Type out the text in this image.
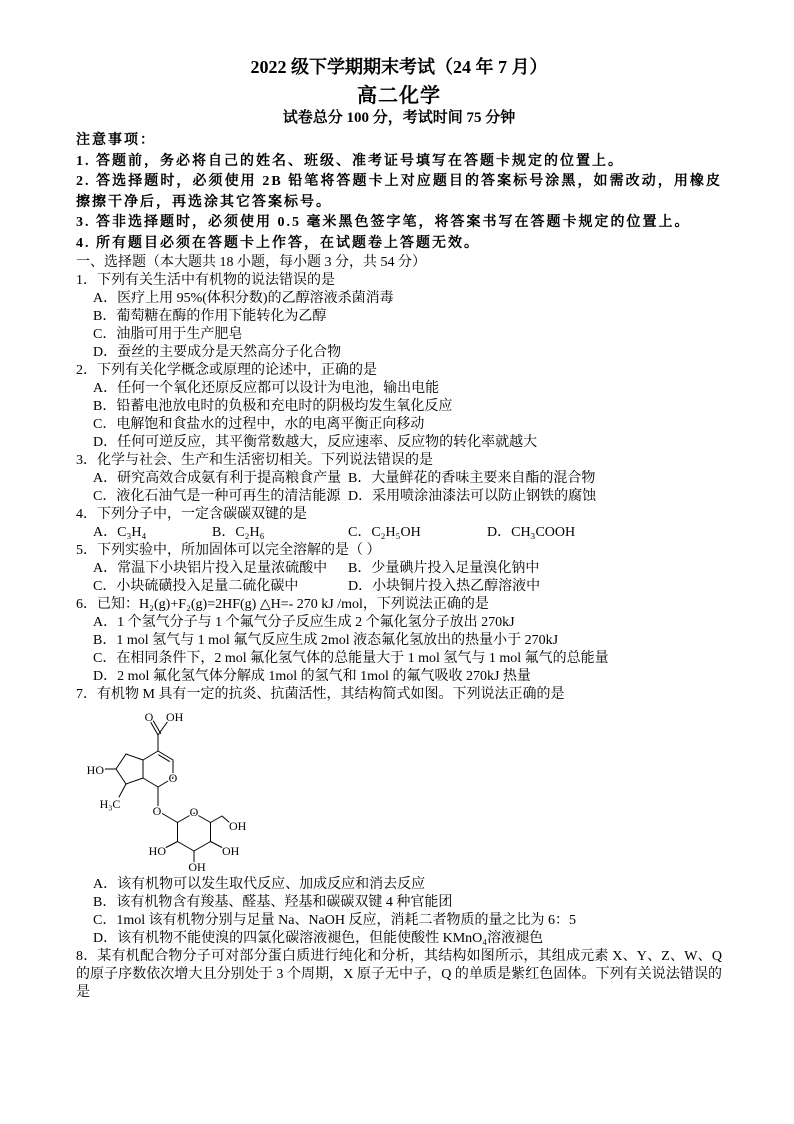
2022 级下学期期末考试（24 年 7 月）
高二化学
试卷总分 100 分，考试时间 75 分钟
注意事项：
1. 答题前，务必将自己的姓名、班级、准考证号填写在答题卡规定的位置上。
2. 答选择题时，必须使用 2B 铅笔将答题卡上对应题目的答案标号涂黑，如需改动，用橡皮擦擦干净后，再选涂其它答案标号。
3. 答非选择题时，必须使用 0.5 毫米黑色签字笔，将答案书写在答题卡规定的位置上。
4. 所有题目必须在答题卡上作答，在试题卷上答题无效。
一、选择题（本大题共 18 小题，每小题 3 分，共 54 分）
1．下列有关生活中有机物的说法错误的是
A．医疗上用 95%(体积分数)的乙醇溶液杀菌消毒
B．葡萄糖在酶的作用下能转化为乙醇
C．油脂可用于生产肥皂
D．蚕丝的主要成分是天然高分子化合物
2．下列有关化学概念或原理的论述中，正确的是
A．任何一个氧化还原反应都可以设计为电池，输出电能
B．铅蓄电池放电时的负极和充电时的阴极均发生氧化反应
C．电解饱和食盐水的过程中，水的电离平衡正向移动
D．任何可逆反应，其平衡常数越大，反应速率、反应物的转化率就越大
3．化学与社会、生产和生活密切相关。下列说法错误的是
A．研究高效合成氨有利于提高粮食产量 B．大量鲜花的香味主要来自酯的混合物
C．液化石油气是一种可再生的清洁能源 D．采用喷涂油漆法可以防止钢铁的腐蚀
4．下列分子中，一定含碳碳双键的是
A．C₃H₄	B．C₂H₆	C．C₂H₅OH	D．CH₃COOH
5．下列实验中，所加固体可以完全溶解的是（ ）
A．常温下小块铝片投入足量浓硫酸中	B．少量碘片投入足量溴化钠中
C．小块硫磺投入足量二硫化碳中	D．小块铜片投入热乙醇溶液中
6．已知：H₂(g)+F₂(g)=2HF(g) △H=- 270 kJ /mol，下列说法正确的是
A．1 个氢气分子与 1 个氟气分子反应生成 2 个氟化氢分子放出 270kJ
B．1 mol 氢气与 1 mol 氟气反应生成 2mol 液态氟化氢放出的热量小于 270kJ
C．在相同条件下，2 mol 氟化氢气体的总能量大于 1 mol 氢气与 1 mol 氟气的总能量
D．2 mol 氟化氢气体分解成 1mol 的氢气和 1mol 的氟气吸收 270kJ 热量
7．有机物 M 具有一定的抗炎、抗菌活性，其结构简式如图。下列说法正确的是
O OH
HO
H₃C
O
O O
OH
OH
OH
HO
A．该有机物可以发生取代反应、加成反应和消去反应
B．该有机物含有羧基、醛基、羟基和碳碳双键 4 种官能团
C．1mol 该有机物分别与足量 Na、NaOH 反应，消耗二者物质的量之比为 6：5
D．该有机物不能使溴的四氯化碳溶液褪色，但能使酸性 KMnO₄溶液褪色
8．某有机配合物分子可对部分蛋白质进行纯化和分析，其结构如图所示，其组成元素 X、Y、Z、W、Q 的原子序数依次增大且分别处于 3 个周期，X 原子无中子，Q 的单质是紫红色固体。下列有关说法错误的是
